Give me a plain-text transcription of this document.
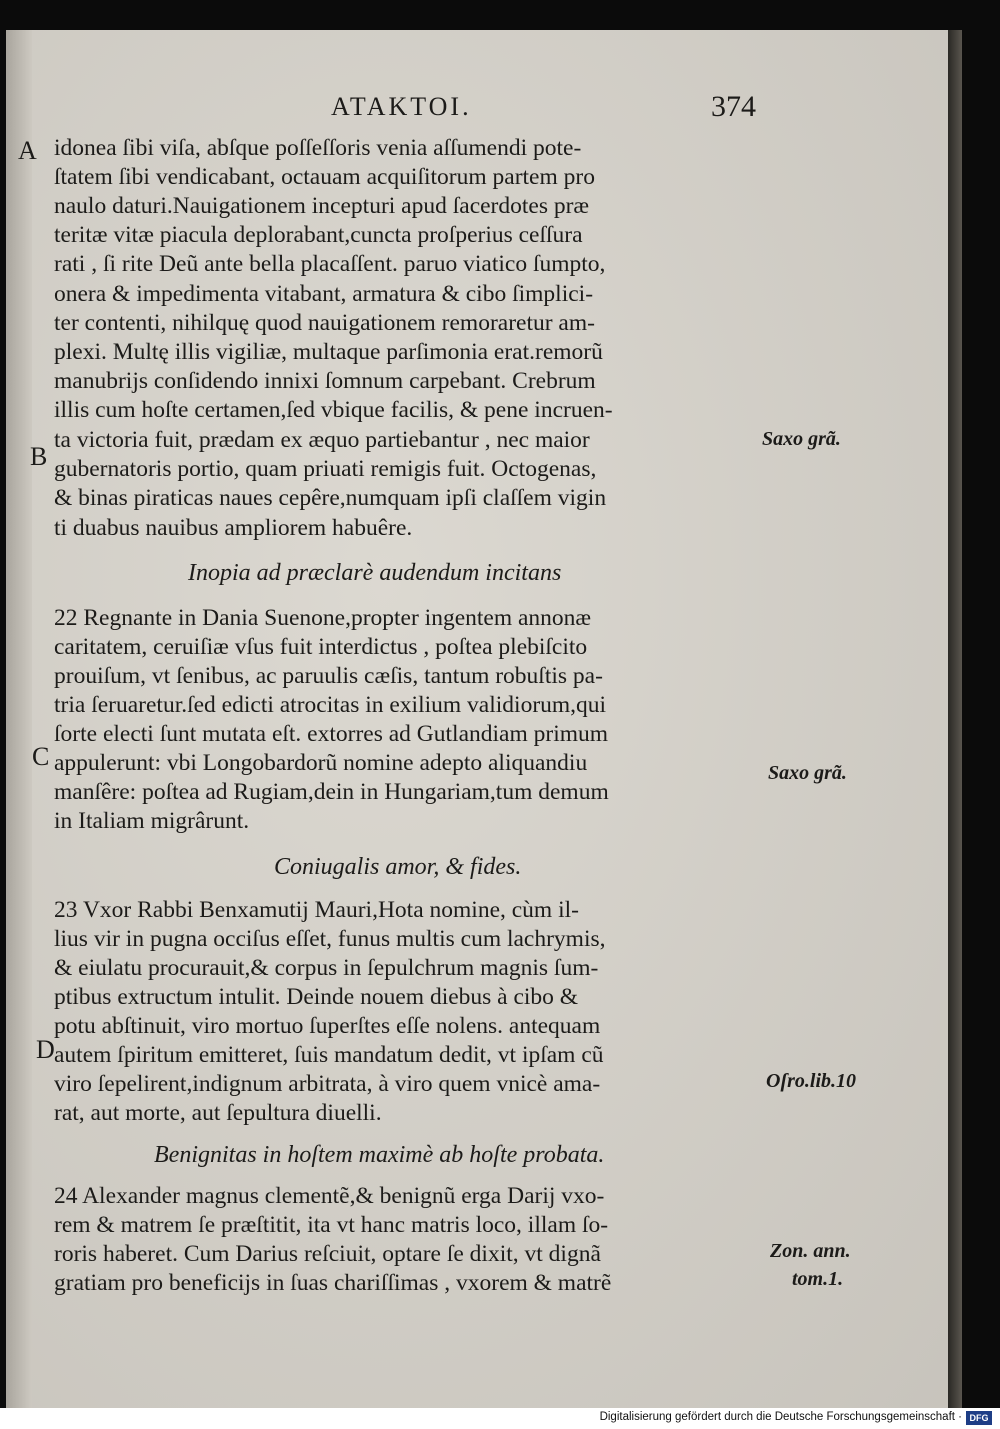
ATAKTOI.	374
A
B
C
D
idonea ſibi viſa, abſque poſſeſſoris venia aſſumendi pote-
ſtatem ſibi vendicabant, octauam acquiſitorum partem pro
naulo daturi.Nauigationem incepturi apud ſacerdotes præ
teritæ vitæ piacula deplorabant,cuncta proſperius ceſſura
rati , ſi rite Deũ ante bella placaſſent. paruo viatico ſumpto,
onera & impedimenta vitabant, armatura & cibo ſimplici-
ter contenti, nihilquę quod nauigationem remoraretur am-
plexi. Multę illis vigiliæ, multaque parſimonia erat.remorũ
manubrijs conſidendo innixi ſomnum carpebant. Crebrum
illis cum hoſte certamen,ſed vbique facilis, & pene incruen-
ta victoria fuit, prædam ex æquo partiebantur , nec maior
gubernatoris portio, quam priuati remigis fuit. Octogenas,
& binas piraticas naues cepêre,numquam ipſi claſſem vigin
ti duabus nauibus ampliorem habuêre.
Inopia ad præclarè audendum incitans
22 Regnante in Dania Suenone,propter ingentem annonæ
caritatem, ceruiſiæ vſus fuit interdictus , poſtea plebiſcito
prouiſum, vt ſenibus, ac paruulis cæſis, tantum robuſtis pa-
tria ſeruaretur.ſed edicti atrocitas in exilium validiorum,qui
ſorte electi ſunt mutata eſt. extorres ad Gutlandiam primum
appulerunt: vbi Longobardorũ nomine adepto aliquandiu
manſêre: poſtea ad Rugiam,dein in Hungariam,tum demum
in Italiam migrârunt.
Coniugalis amor, & fides.
23 Vxor Rabbi Benxamutij Mauri,Hota nomine, cùm il-
lius vir in pugna occiſus eſſet, funus multis cum lachrymis,
& eiulatu procurauit,& corpus in ſepulchrum magnis ſum-
ptibus extructum intulit. Deinde nouem diebus à cibo &
potu abſtinuit, viro mortuo ſuperſtes eſſe nolens. antequam
autem ſpiritum emitteret, ſuis mandatum dedit, vt ipſam cũ
viro ſepelirent,indignum arbitrata, à viro quem vnicè ama-
rat, aut morte, aut ſepultura diuelli.
Benignitas in hoſtem maximè ab hoſte probata.
24 Alexander magnus clementẽ,& benignũ erga Darij vxo-
rem & matrem ſe præſtitit, ita vt hanc matris loco, illam ſo-
roris haberet. Cum Darius reſciuit, optare ſe dixit, vt dignã
gratiam pro beneficijs in ſuas chariſſimas , vxorem & matrẽ
Saxo grã.
Saxo grã.
Oſro.lib.10
Zon. ann.
tom.1.
Digitalisierung gefördert durch die Deutsche Forschungsgemeinschaft · DFG
